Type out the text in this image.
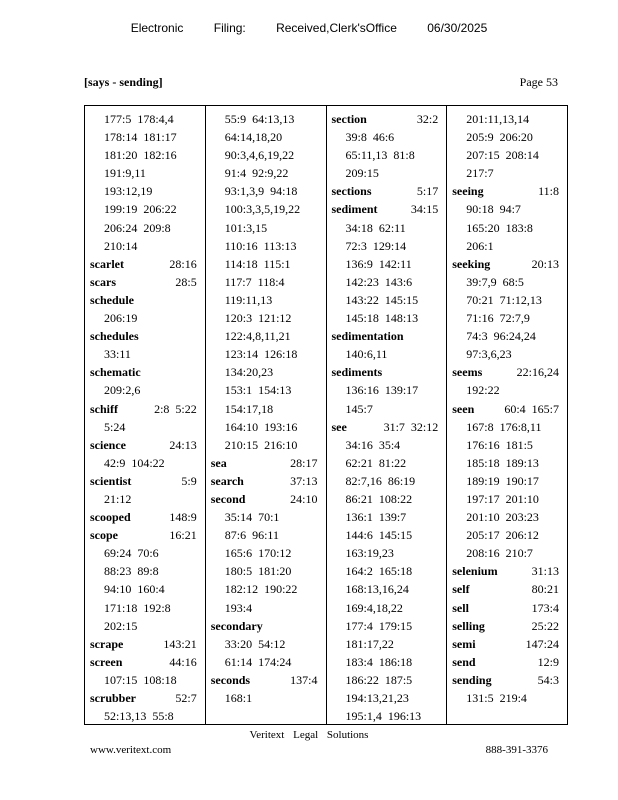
Electronic	Filing:	Received,Clerk'sOffice	06/30/2025
[says - sending]	Page 53
177:5  178:4,4
178:14  181:17
181:20  182:16
191:9,11
193:12,19
199:19  206:22
206:24  209:8
210:14
scarlet	28:16
scars	28:5
schedule
206:19
schedules
33:11
schematic
209:2,6
schiff	2:8  5:22
5:24
science	24:13
42:9  104:22
scientist	5:9
21:12
scooped	148:9
scope	16:21
69:24  70:6
88:23  89:8
94:10  160:4
171:18  192:8
202:15
scrape	143:21
screen	44:16
107:15  108:18
scrubber	52:7
52:13,13  55:8
55:9  64:13,13
64:14,18,20
90:3,4,6,19,22
91:4  92:9,22
93:1,3,9  94:18
100:3,3,5,19,22
101:3,15
110:16  113:13
114:18  115:1
117:7  118:4
119:11,13
120:3  121:12
122:4,8,11,21
123:14  126:18
134:20,23
153:1  154:13
154:17,18
164:10  193:16
210:15  216:10
sea	28:17
search	37:13
second	24:10
35:14  70:1
87:6  96:11
165:6  170:12
180:5  181:20
182:12  190:22
193:4
secondary
33:20  54:12
61:14  174:24
seconds	137:4
168:1
section	32:2
39:8  46:6
65:11,13  81:8
209:15
sections	5:17
sediment	34:15
34:18  62:11
72:3  129:14
136:9  142:11
142:23  143:6
143:22  145:15
145:18  148:13
sedimentation
140:6,11
sediments
136:16  139:17
145:7
see	31:7  32:12
34:16  35:4
62:21  81:22
82:7,16  86:19
86:21  108:22
136:1  139:7
144:6  145:15
163:19,23
164:2  165:18
168:13,16,24
169:4,18,22
177:4  179:15
181:17,22
183:4  186:18
186:22  187:5
194:13,21,23
195:1,4  196:13
201:11,13,14
205:9  206:20
207:15  208:14
217:7
seeing	11:8
90:18  94:7
165:20  183:8
206:1
seeking	20:13
39:7,9  68:5
70:21  71:12,13
71:16  72:7,9
74:3  96:24,24
97:3,6,23
seems	22:16,24
192:22
seen	60:4  165:7
167:8  176:8,11
176:16  181:5
185:18  189:13
189:19  190:17
197:17  201:10
201:10  203:23
205:17  206:12
208:16  210:7
selenium	31:13
self	80:21
sell	173:4
selling	25:22
semi	147:24
send	12:9
sending	54:3
131:5  219:4
Veritext Legal Solutions
www.veritext.com	888-391-3376
